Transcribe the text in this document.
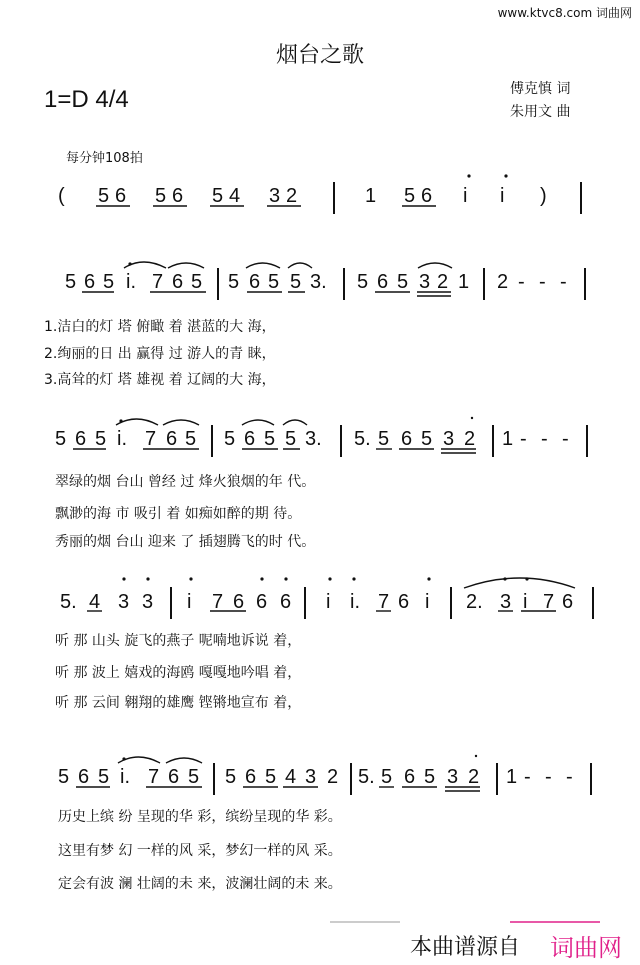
www.ktvc8.com 词曲网
烟台之歌
1=D 4/4	傅克慎 词
朱用文 曲
每分钟108拍
( 5 6 5 6 5 4 3 2	1 5 6 i i )
5 6 5 i. 7 6 5 5 6 5 5 3. 5 6 5 3 2 1 2 - - -
1.洁白的灯 塔 俯瞰 着 湛蓝的大 海，
2.绚丽的日 出 赢得 过 游人的青 睐，
3.高耸的灯 塔 雄视 着 辽阔的大 海，
5 6 5 i. 7 6 5 5 6 5 5 3. 5. 5 6 5 3 2 1 - - -
翠绿的烟 台山 曾经 过 烽火狼烟的年 代。
飘渺的海 市 吸引 着 如痴如醉的期 待。
秀丽的烟 台山 迎来 了 插翅腾飞的时 代。
5. 4 3 3 i 7 6 6 6 i i. 7 6 i 2. 3 i 7 6
听 那 山头 旋飞的燕子 呢喃地诉说 着，
听 那 波上 嬉戏的海鸥 嘎嘎地吟唱 着，
听 那 云间 翱翔的雄鹰 铿锵地宣布 着，
5 6 5 i. 7 6 5 5 6 5 4 3 2 5. 5 6 5 3 2 1 - - -
历史上缤 纷 呈现的华 彩，缤纷呈现的华 彩。
这里有梦 幻 一样的风 采，梦幻一样的风 采。
定会有波 澜 壮阔的未 来，波澜壮阔的未 来。
本曲谱源自 词曲网
